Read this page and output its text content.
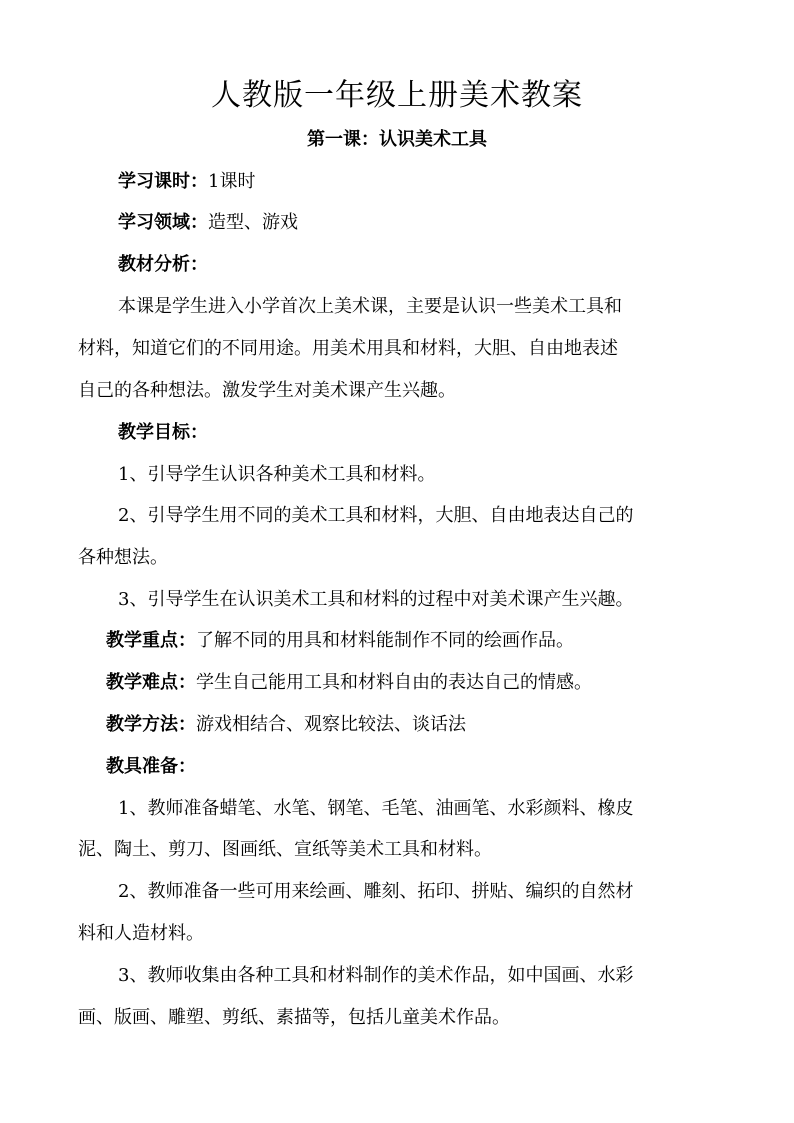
人教版一年级上册美术教案
第一课：认识美术工具
学习课时：1课时
学习领域：造型、游戏
教材分析：
本课是学生进入小学首次上美术课，主要是认识一些美术工具和
材料，知道它们的不同用途。用美术用具和材料，大胆、自由地表述
自己的各种想法。激发学生对美术课产生兴趣。
教学目标：
1、引导学生认识各种美术工具和材料。
2、引导学生用不同的美术工具和材料，大胆、自由地表达自己的
各种想法。
3、引导学生在认识美术工具和材料的过程中对美术课产生兴趣。
教学重点：了解不同的用具和材料能制作不同的绘画作品。
教学难点：学生自己能用工具和材料自由的表达自己的情感。
教学方法：游戏相结合、观察比较法、谈话法
教具准备：
1、教师准备蜡笔、水笔、钢笔、毛笔、油画笔、水彩颜料、橡皮
泥、陶土、剪刀、图画纸、宣纸等美术工具和材料。
2、教师准备一些可用来绘画、雕刻、拓印、拼贴、编织的自然材
料和人造材料。
3、教师收集由各种工具和材料制作的美术作品，如中国画、水彩
画、版画、雕塑、剪纸、素描等，包括儿童美术作品。
